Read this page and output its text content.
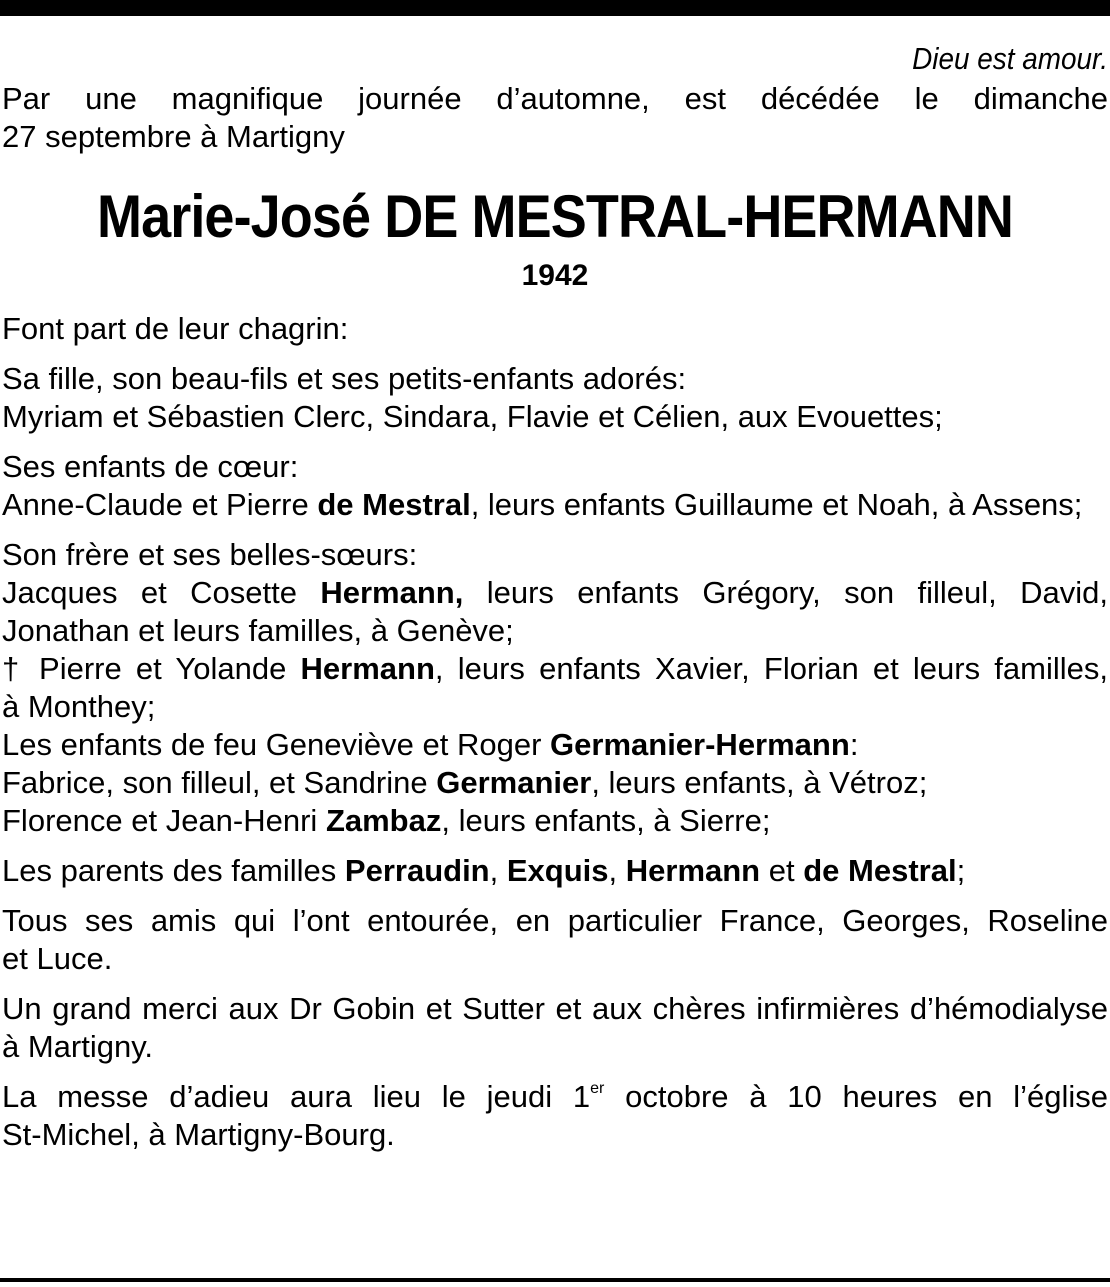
Dieu est amour.

Par une magnifique journée d’automne, est décédée le dimanche

27 septembre à Martigny

Marie-José DE MESTRAL-HERMANN
1942

Font part de leur chagrin:

Sa fille, son beau-fils et ses petits-enfants adorés:

Myriam et Sébastien Clerc, Sindara, Flavie et Célien, aux Evouettes;

Ses enfants de cœur:

Anne-Claude et Pierre de Mestral, leurs enfants Guillaume et Noah, à Assens;

Son frère et ses belles-sœurs:

Jacques et Cosette Hermann, leurs enfants Grégory, son filleul, David,

Jonathan et leurs familles, à Genève;

† Pierre et Yolande Hermann, leurs enfants Xavier, Florian et leurs familles,

à Monthey;

Les enfants de feu Geneviève et Roger Germanier-Hermann:

Fabrice, son filleul, et Sandrine Germanier, leurs enfants, à Vétroz;

Florence et Jean-Henri Zambaz, leurs enfants, à Sierre;

Les parents des familles Perraudin, Exquis, Hermann et de Mestral;

Tous ses amis qui l’ont entourée, en particulier France, Georges, Roseline

et Luce.

Un grand merci aux Dr Gobin et Sutter et aux chères infirmières d’hémodialyse

à Martigny.

La messe d’adieu aura lieu le jeudi 1er octobre à 10 heures en l’église

St-Michel, à Martigny-Bourg.
